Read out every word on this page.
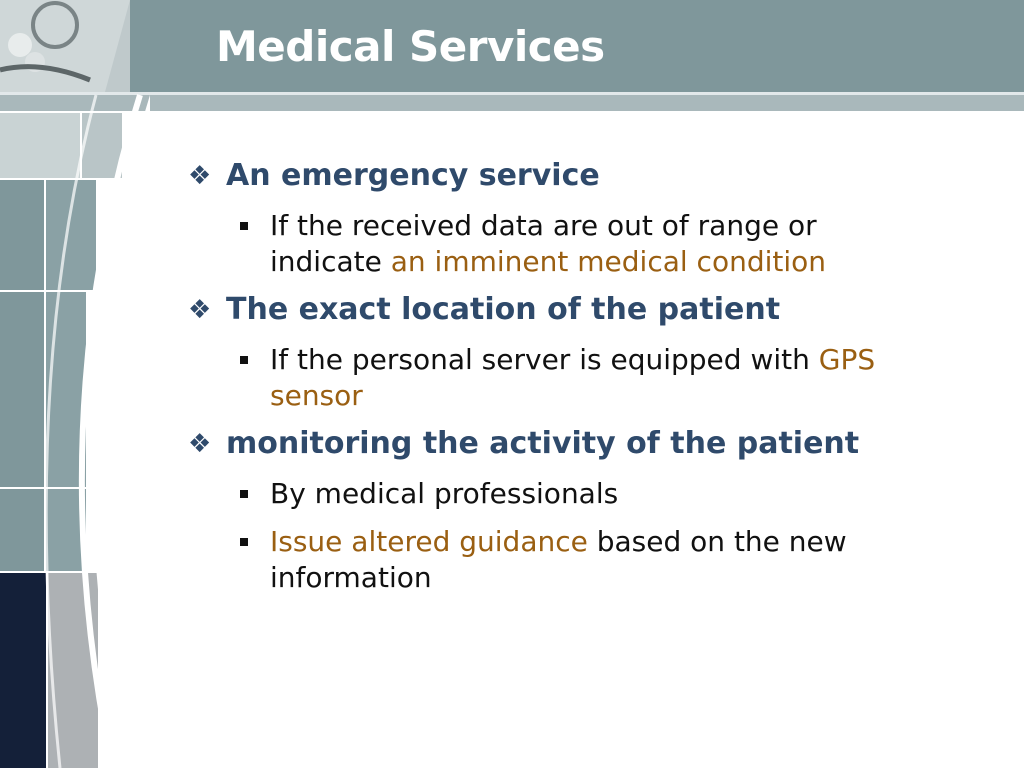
Medical Services
❖ An emergency service
If the received data are out of range or indicate an imminent medical condition
❖ The exact location of the patient
If the personal server is equipped with GPS sensor
❖ monitoring the activity of the patient
By medical professionals
Issue altered guidance based on the new information
